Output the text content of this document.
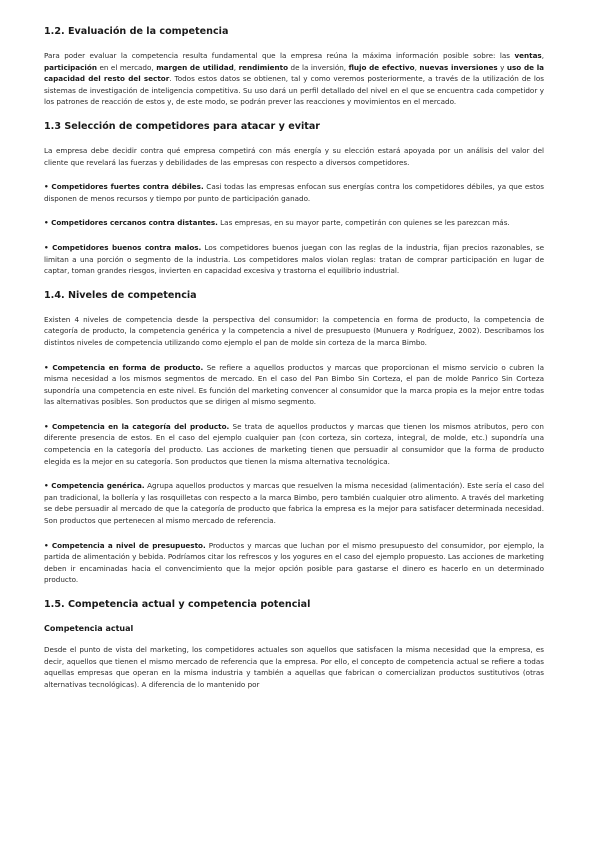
1.2. Evaluación de la competencia

Para poder evaluar la competencia resulta fundamental que la empresa reúna la máxima información posible sobre: las ventas, participación en el mercado, margen de utilidad, rendimiento de la inversión, flujo de efectivo, nuevas inversiones y uso de la capacidad del resto del sector. Todos estos datos se obtienen, tal y como veremos posteriormente, a través de la utilización de los sistemas de investigación de inteligencia competitiva. Su uso dará un perfil detallado del nivel en el que se encuentra cada competidor y los patrones de reacción de estos y, de este modo, se podrán prever las reacciones y movimientos en el mercado.

1.3 Selección de competidores para atacar y evitar

La empresa debe decidir contra qué empresa competirá con más energía y su elección estará apoyada por un análisis del valor del cliente que revelará las fuerzas y debilidades de las empresas con respecto a diversos competidores.

• Competidores fuertes contra débiles. Casi todas las empresas enfocan sus energías contra los competidores débiles, ya que estos disponen de menos recursos y tiempo por punto de participación ganado.

• Competidores cercanos contra distantes. Las empresas, en su mayor parte, competirán con quienes se les parezcan más.

• Competidores buenos contra malos. Los competidores buenos juegan con las reglas de la industria, fijan precios razonables, se limitan a una porción o segmento de la industria. Los competidores malos violan reglas: tratan de comprar participación en lugar de captar, toman grandes riesgos, invierten en capacidad excesiva y trastorna el equilibrio industrial.

1.4. Niveles de competencia

Existen 4 niveles de competencia desde la perspectiva del consumidor: la competencia en forma de producto, la competencia de categoría de producto, la competencia genérica y la competencia a nivel de presupuesto (Munuera y Rodríguez, 2002). Describamos los distintos niveles de competencia utilizando como ejemplo el pan de molde sin corteza de la marca Bimbo.

• Competencia en forma de producto. Se refiere a aquellos productos y marcas que proporcionan el mismo servicio o cubren la misma necesidad a los mismos segmentos de mercado. En el caso del Pan Bimbo Sin Corteza, el pan de molde Panrico Sin Corteza supondría una competencia en este nivel. Es función del marketing convencer al consumidor que la marca propia es la mejor entre todas las alternativas posibles. Son productos que se dirigen al mismo segmento.

• Competencia en la categoría del producto. Se trata de aquellos productos y marcas que tienen los mismos atributos, pero con diferente presencia de estos. En el caso del ejemplo cualquier pan (con corteza, sin corteza, integral, de molde, etc.) supondría una competencia en la categoría del producto. Las acciones de marketing tienen que persuadir al consumidor que la forma de producto elegida es la mejor en su categoría. Son productos que tienen la misma alternativa tecnológica.

• Competencia genérica. Agrupa aquellos productos y marcas que resuelven la misma necesidad (alimentación). Este sería el caso del pan tradicional, la bollería y las rosquilletas con respecto a la marca Bimbo, pero también cualquier otro alimento. A través del marketing se debe persuadir al mercado de que la categoría de producto que fabrica la empresa es la mejor para satisfacer determinada necesidad. Son productos que pertenecen al mismo mercado de referencia.

• Competencia a nivel de presupuesto. Productos y marcas que luchan por el mismo presupuesto del consumidor, por ejemplo, la partida de alimentación y bebida. Podríamos citar los refrescos y los yogures en el caso del ejemplo propuesto. Las acciones de marketing deben ir encaminadas hacia el convencimiento que la mejor opción posible para gastarse el dinero es hacerlo en un determinado producto.

1.5. Competencia actual y competencia potencial
Competencia actual

Desde el punto de vista del marketing, los competidores actuales son aquellos que satisfacen la misma necesidad que la empresa, es decir, aquellos que tienen el mismo mercado de referencia que la empresa. Por ello, el concepto de competencia actual se refiere a todas aquellas empresas que operan en la misma industria y también a aquellas que fabrican o comercializan productos sustitutivos (otras alternativas tecnológicas). A diferencia de lo mantenido por
